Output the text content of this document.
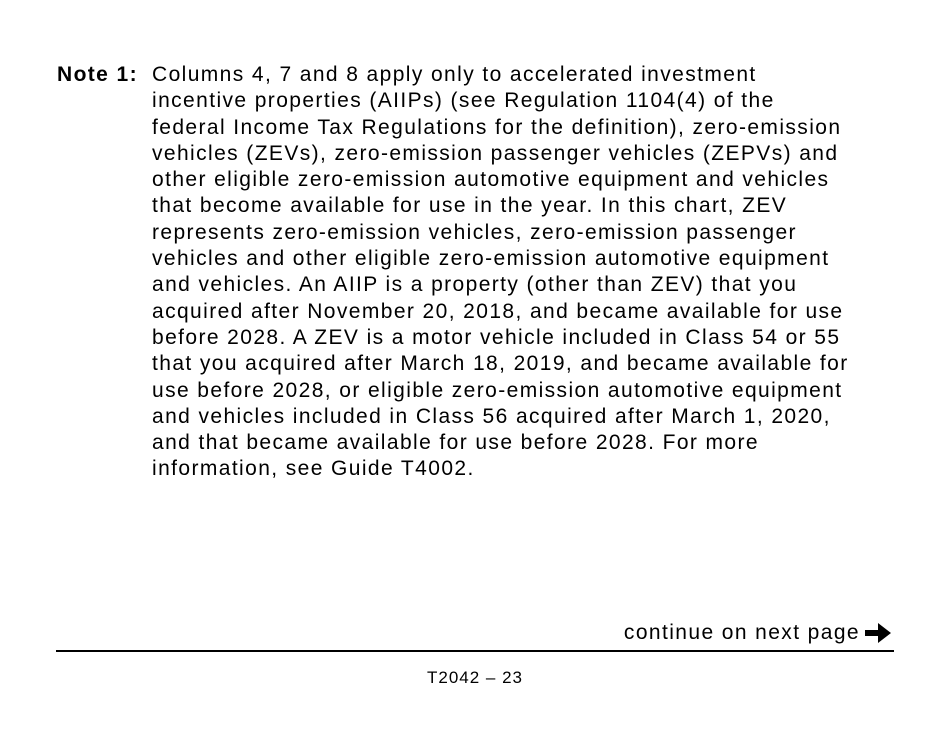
Note 1: Columns 4, 7 and 8 apply only to accelerated investment
incentive properties (AIIPs) (see Regulation 1104(4) of the
federal Income Tax Regulations for the definition), zero-emission
vehicles (ZEVs), zero-emission passenger vehicles (ZEPVs) and
other eligible zero-emission automotive equipment and vehicles
that become available for use in the year. In this chart, ZEV
represents zero-emission vehicles, zero-emission passenger
vehicles and other eligible zero-emission automotive equipment
and vehicles. An AIIP is a property (other than ZEV) that you
acquired after November 20, 2018, and became available for use
before 2028. A ZEV is a motor vehicle included in Class 54 or 55
that you acquired after March 18, 2019, and became available for
use before 2028, or eligible zero-emission automotive equipment
and vehicles included in Class 56 acquired after March 1, 2020,
and that became available for use before 2028. For more
information, see Guide T4002.
continue on next page
T2042 – 23
